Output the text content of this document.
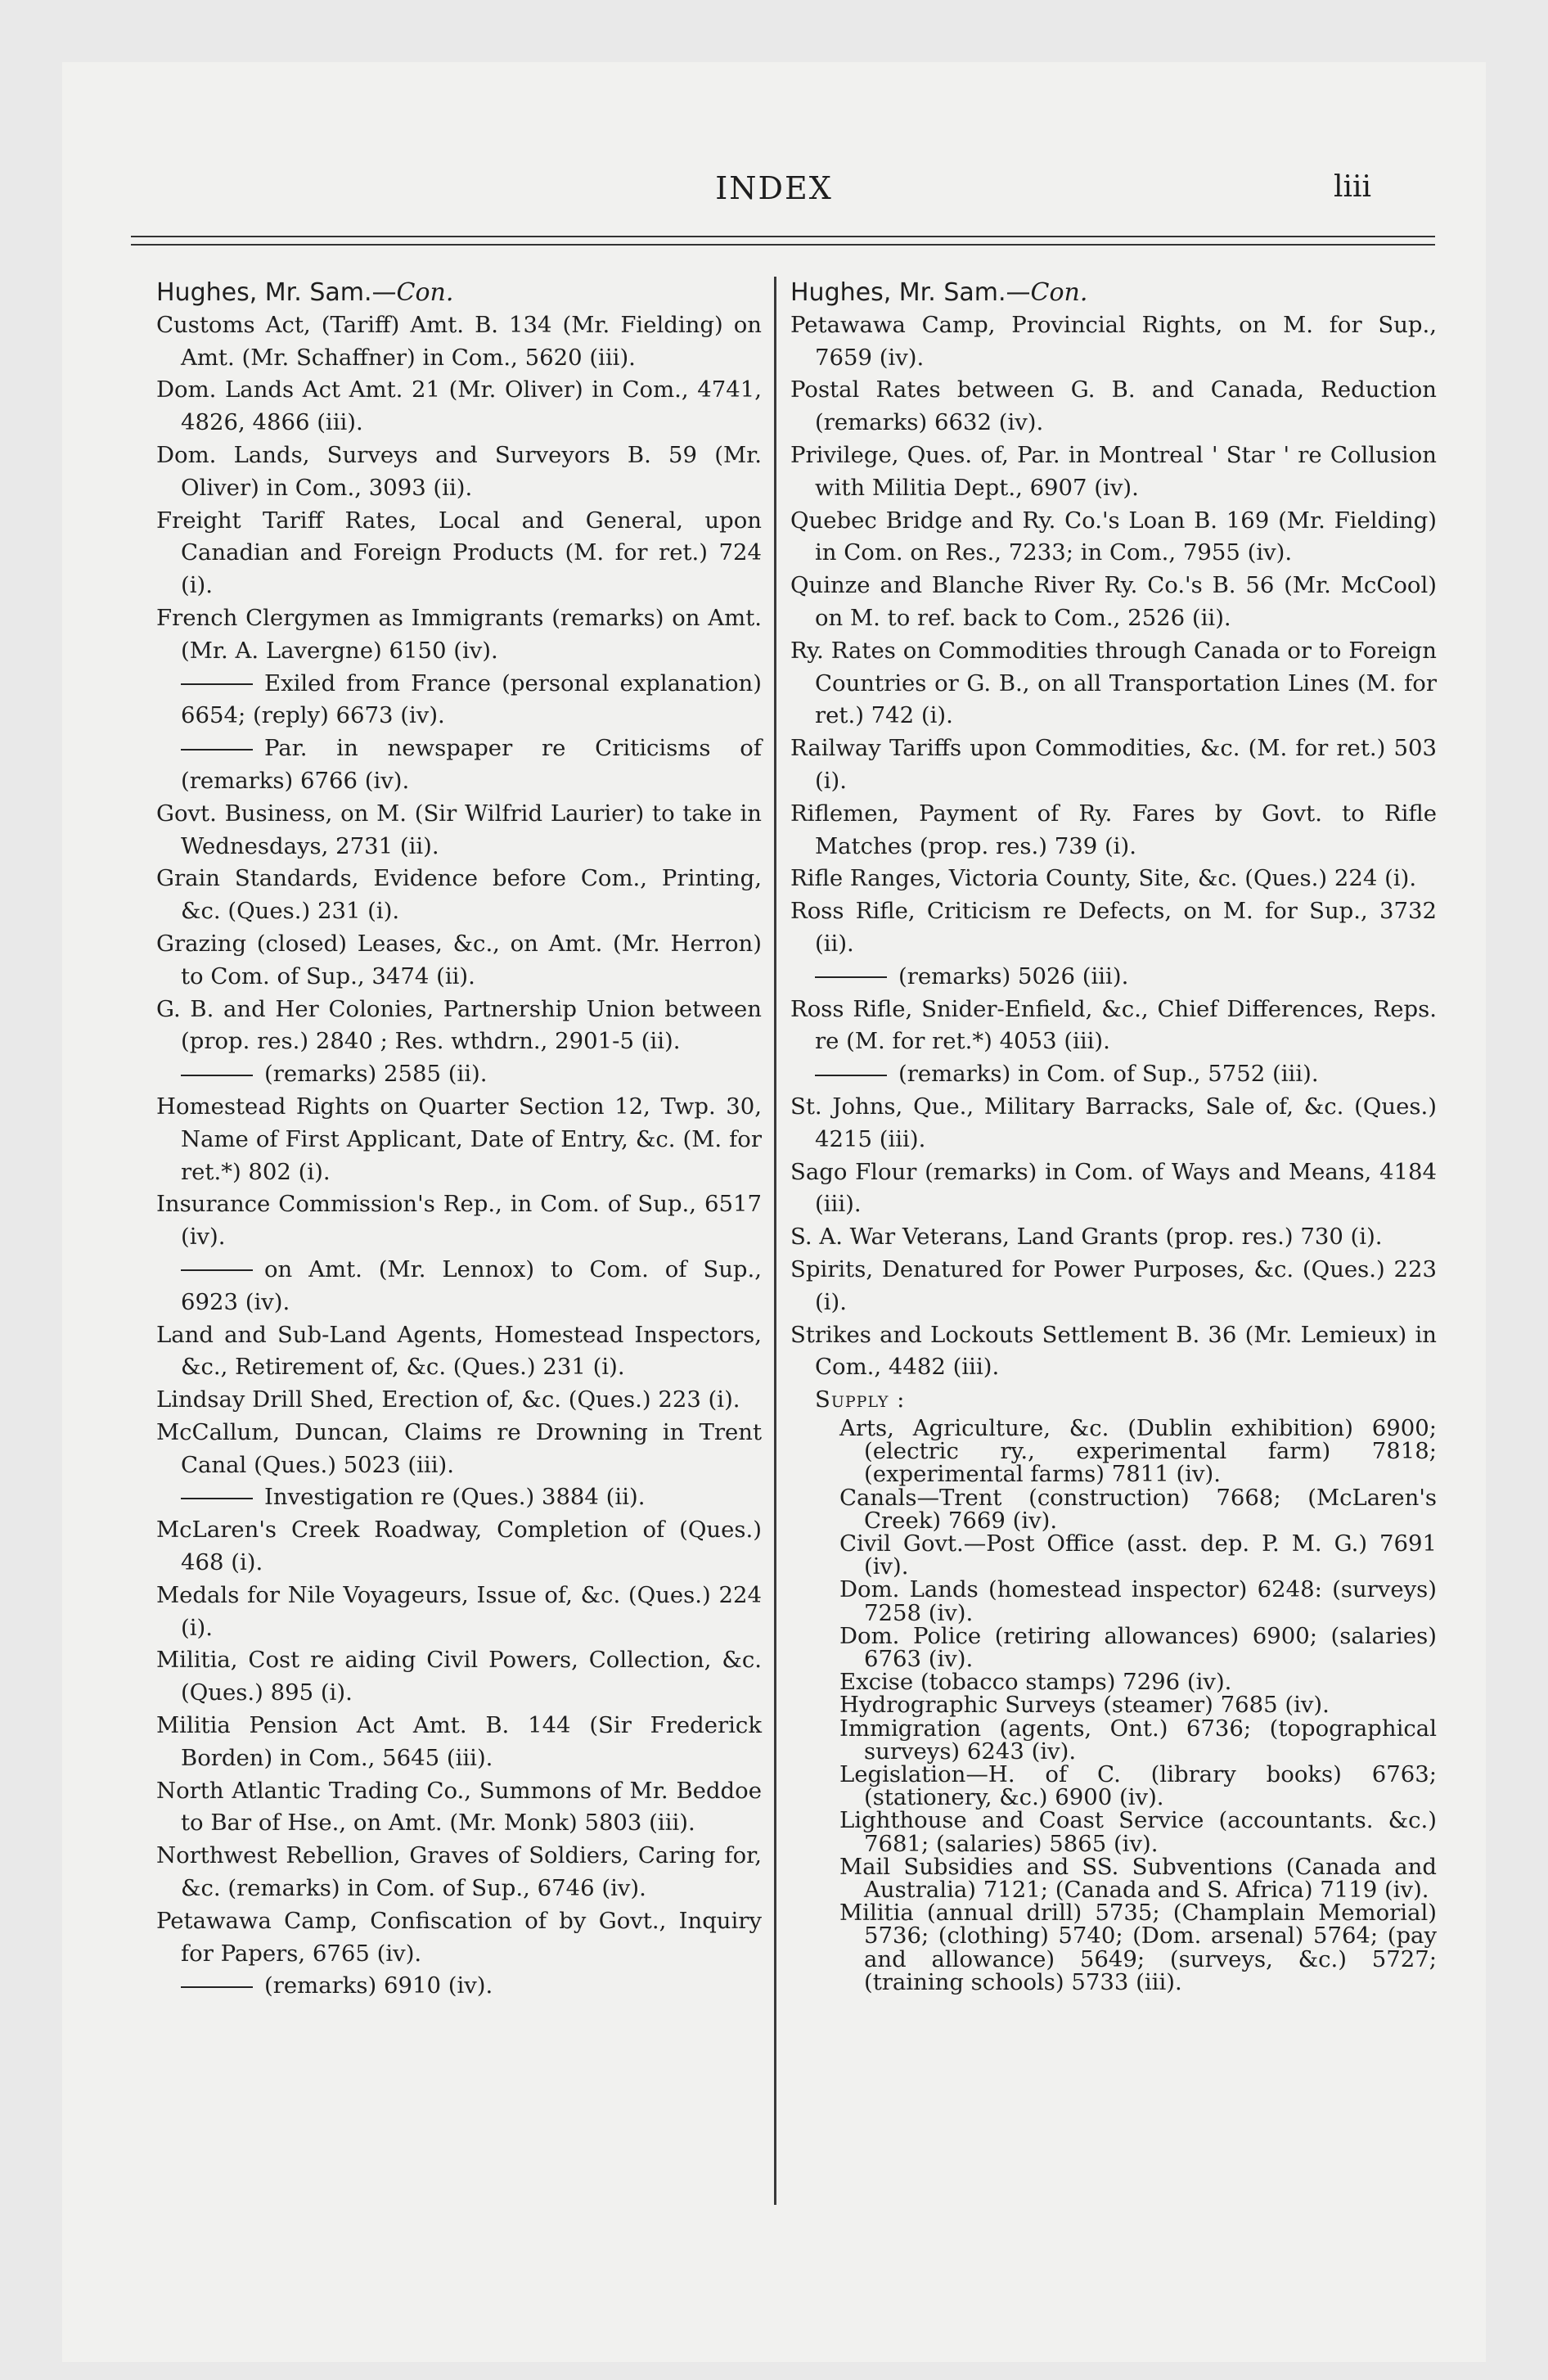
INDEX	liii
Hughes, Mr. Sam.—Con.
Customs Act, (Tariff) Amt. B. 134 (Mr. Fielding) on Amt. (Mr. Schaffner) in Com., 5620 (iii).
Dom. Lands Act Amt. 21 (Mr. Oliver) in Com., 4741, 4826, 4866 (iii).
Dom. Lands, Surveys and Surveyors B. 59 (Mr. Oliver) in Com., 3093 (ii).
Freight Tariff Rates, Local and General, upon Canadian and Foreign Products (M. for ret.) 724 (i).
French Clergymen as Immigrants (remarks) on Amt. (Mr. A. Lavergne) 6150 (iv).
Exiled from France (personal explanation) 6654; (reply) 6673 (iv).
Par. in newspaper re Criticisms of (remarks) 6766 (iv).
Govt. Business, on M. (Sir Wilfrid Laurier) to take in Wednesdays, 2731 (ii).
Grain Standards, Evidence before Com., Printing, &c. (Ques.) 231 (i).
Grazing (closed) Leases, &c., on Amt. (Mr. Herron) to Com. of Sup., 3474 (ii).
G. B. and Her Colonies, Partnership Union between (prop. res.) 2840 ; Res. wthdrn., 2901-5 (ii).
(remarks) 2585 (ii).
Homestead Rights on Quarter Section 12, Twp. 30, Name of First Applicant, Date of Entry, &c. (M. for ret.*) 802 (i).
Insurance Commission's Rep., in Com. of Sup., 6517 (iv).
on Amt. (Mr. Lennox) to Com. of Sup., 6923 (iv).
Land and Sub-Land Agents, Homestead Inspectors, &c., Retirement of, &c. (Ques.) 231 (i).
Lindsay Drill Shed, Erection of, &c. (Ques.) 223 (i).
McCallum, Duncan, Claims re Drowning in Trent Canal (Ques.) 5023 (iii).
Investigation re (Ques.) 3884 (ii).
McLaren's Creek Roadway, Completion of (Ques.) 468 (i).
Medals for Nile Voyageurs, Issue of, &c. (Ques.) 224 (i).
Militia, Cost re aiding Civil Powers, Collection, &c. (Ques.) 895 (i).
Militia Pension Act Amt. B. 144 (Sir Frederick Borden) in Com., 5645 (iii).
North Atlantic Trading Co., Summons of Mr. Beddoe to Bar of Hse., on Amt. (Mr. Monk) 5803 (iii).
Northwest Rebellion, Graves of Soldiers, Caring for, &c. (remarks) in Com. of Sup., 6746 (iv).
Petawawa Camp, Confiscation of by Govt., Inquiry for Papers, 6765 (iv).
(remarks) 6910 (iv).
Hughes, Mr. Sam.—Con.
Petawawa Camp, Provincial Rights, on M. for Sup., 7659 (iv).
Postal Rates between G. B. and Canada, Reduction (remarks) 6632 (iv).
Privilege, Ques. of, Par. in Montreal ' Star ' re Collusion with Militia Dept., 6907 (iv).
Quebec Bridge and Ry. Co.'s Loan B. 169 (Mr. Fielding) in Com. on Res., 7233; in Com., 7955 (iv).
Quinze and Blanche River Ry. Co.'s B. 56 (Mr. McCool) on M. to ref. back to Com., 2526 (ii).
Ry. Rates on Commodities through Canada or to Foreign Countries or G. B., on all Transportation Lines (M. for ret.) 742 (i).
Railway Tariffs upon Commodities, &c. (M. for ret.) 503 (i).
Riflemen, Payment of Ry. Fares by Govt. to Rifle Matches (prop. res.) 739 (i).
Rifle Ranges, Victoria County, Site, &c. (Ques.) 224 (i).
Ross Rifle, Criticism re Defects, on M. for Sup., 3732 (ii).
(remarks) 5026 (iii).
Ross Rifle, Snider-Enfield, &c., Chief Differences, Reps. re (M. for ret.*) 4053 (iii).
(remarks) in Com. of Sup., 5752 (iii).
St. Johns, Que., Military Barracks, Sale of, &c. (Ques.) 4215 (iii).
Sago Flour (remarks) in Com. of Ways and Means, 4184 (iii).
S. A. War Veterans, Land Grants (prop. res.) 730 (i).
Spirits, Denatured for Power Purposes, &c. (Ques.) 223 (i).
Strikes and Lockouts Settlement B. 36 (Mr. Lemieux) in Com., 4482 (iii).
Supply :
Arts, Agriculture, &c. (Dublin exhibition) 6900; (electric ry., experimental farm) 7818; (experimental farms) 7811 (iv).
Canals—Trent (construction) 7668; (McLaren's Creek) 7669 (iv).
Civil Govt.—Post Office (asst. dep. P. M. G.) 7691 (iv).
Dom. Lands (homestead inspector) 6248: (surveys) 7258 (iv).
Dom. Police (retiring allowances) 6900; (salaries) 6763 (iv).
Excise (tobacco stamps) 7296 (iv).
Hydrographic Surveys (steamer) 7685 (iv).
Immigration (agents, Ont.) 6736; (topographical surveys) 6243 (iv).
Legislation—H. of C. (library books) 6763; (stationery, &c.) 6900 (iv).
Lighthouse and Coast Service (accountants. &c.) 7681; (salaries) 5865 (iv).
Mail Subsidies and SS. Subventions (Canada and Australia) 7121; (Canada and S. Africa) 7119 (iv).
Militia (annual drill) 5735; (Champlain Memorial) 5736; (clothing) 5740; (Dom. arsenal) 5764; (pay and allowance) 5649; (surveys, &c.) 5727; (training schools) 5733 (iii).
